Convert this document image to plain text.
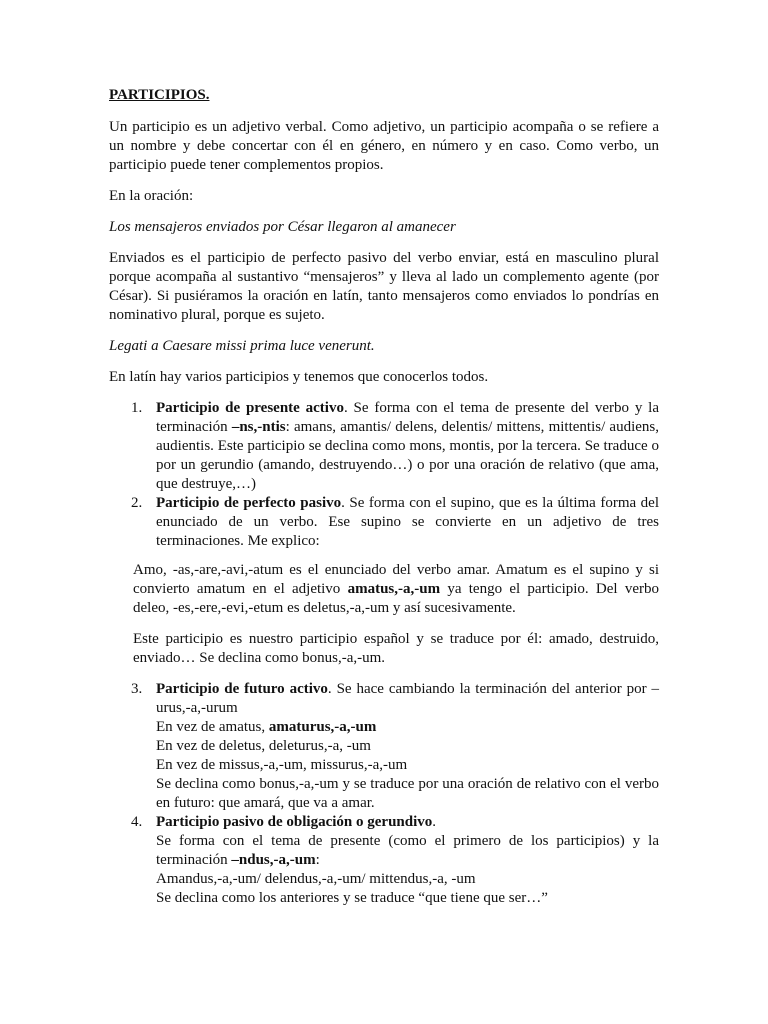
PARTICIPIOS.

Un participio es un adjetivo verbal. Como adjetivo, un participio acompaña o se refiere a un nombre y debe concertar con él en género, en número y en caso. Como verbo, un participio puede tener complementos propios.

En la oración:

Los mensajeros enviados por César llegaron al amanecer

Enviados es el participio de perfecto pasivo del verbo enviar, está en masculino plural porque acompaña al sustantivo “mensajeros” y lleva al lado un complemento agente (por César). Si pusiéramos la oración en latín, tanto mensajeros como enviados lo pondrías en nominativo plural, porque es sujeto.

Legati a Caesare missi prima luce venerunt.

En latín hay varios participios y tenemos que conocerlos todos.

1. Participio de presente activo. Se forma con el tema de presente del verbo y la terminación –ns,-ntis: amans, amantis/ delens, delentis/ mittens, mittentis/ audiens, audientis. Este participio se declina como mons, montis, por la tercera. Se traduce o por un gerundio (amando, destruyendo…) o por una oración de relativo (que ama, que destruye,…)

2. Participio de perfecto pasivo. Se forma con el supino, que es la última forma del enunciado de un verbo. Ese supino se convierte en un adjetivo de tres terminaciones. Me explico:

Amo, -as,-are,-avi,-atum es el enunciado del verbo amar. Amatum es el supino y si convierto amatum en el adjetivo amatus,-a,-um ya tengo el participio. Del verbo deleo, -es,-ere,-evi,-etum es deletus,-a,-um y así sucesivamente.

Este participio es nuestro participio español y se traduce por él: amado, destruido, enviado… Se declina como bonus,-a,-um.

3. Participio de futuro activo. Se hace cambiando la terminación del anterior por –urus,-a,-urum

En vez de amatus, amaturus,-a,-um
En vez de deletus, deleturus,-a, -um
En vez de missus,-a,-um, missurus,-a,-um

Se declina como bonus,-a,-um y se traduce por una oración de relativo con el verbo en futuro: que amará, que va a amar.

4. Participio pasivo de obligación o gerundivo.

Se forma con el tema de presente (como el primero de los participios) y la terminación –ndus,-a,-um:

Amandus,-a,-um/ delendus,-a,-um/ mittendus,-a, -um
Se declina como los anteriores y se traduce “que tiene que ser…”
